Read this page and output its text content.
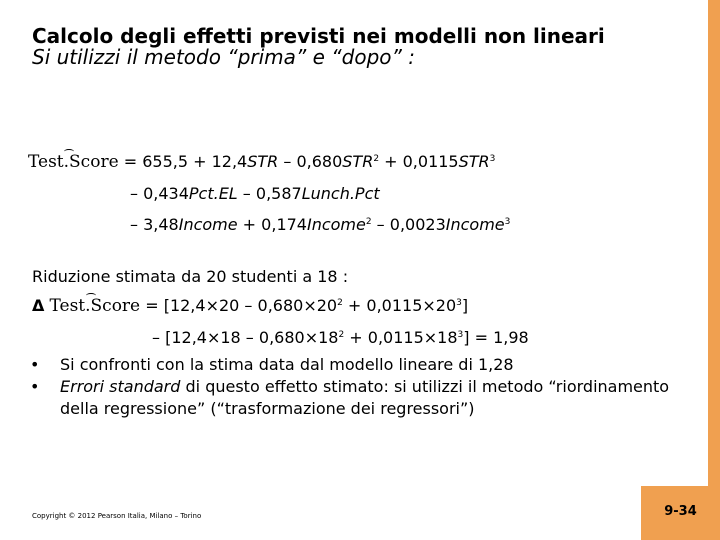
Calcolo degli effetti previsti nei modelli non lineari
Si utilizzi il metodo “prima” e “dopo” :
Test.Score = $655,5 + 12,4STR - 0,680STR^2 + 0,0115STR^3$
– 0,434Pct.EL – 0,587Lunch.Pct
– 3,48Income + 0,174Income$^2$ – 0,0023Income$^3$
Riduzione stimata da 20 studenti a 18 :
Δ Test.Score = $[12,4\times 20 - 0,680\times 20^2 + 0,0115\times 20^3]$
– $[12,4\times 18 - 0,680\times 18^2 + 0,0115\times 18^3] = 1,98$
• Si confronti con la stima data dal modello lineare di 1,28
• Errori standard di questo effetto stimato: si utilizzi il metodo “riordinamento della regressione” (“trasformazione dei regressori”)
Copyright © 2012 Pearson Italia, Milano – Torino	9-34
